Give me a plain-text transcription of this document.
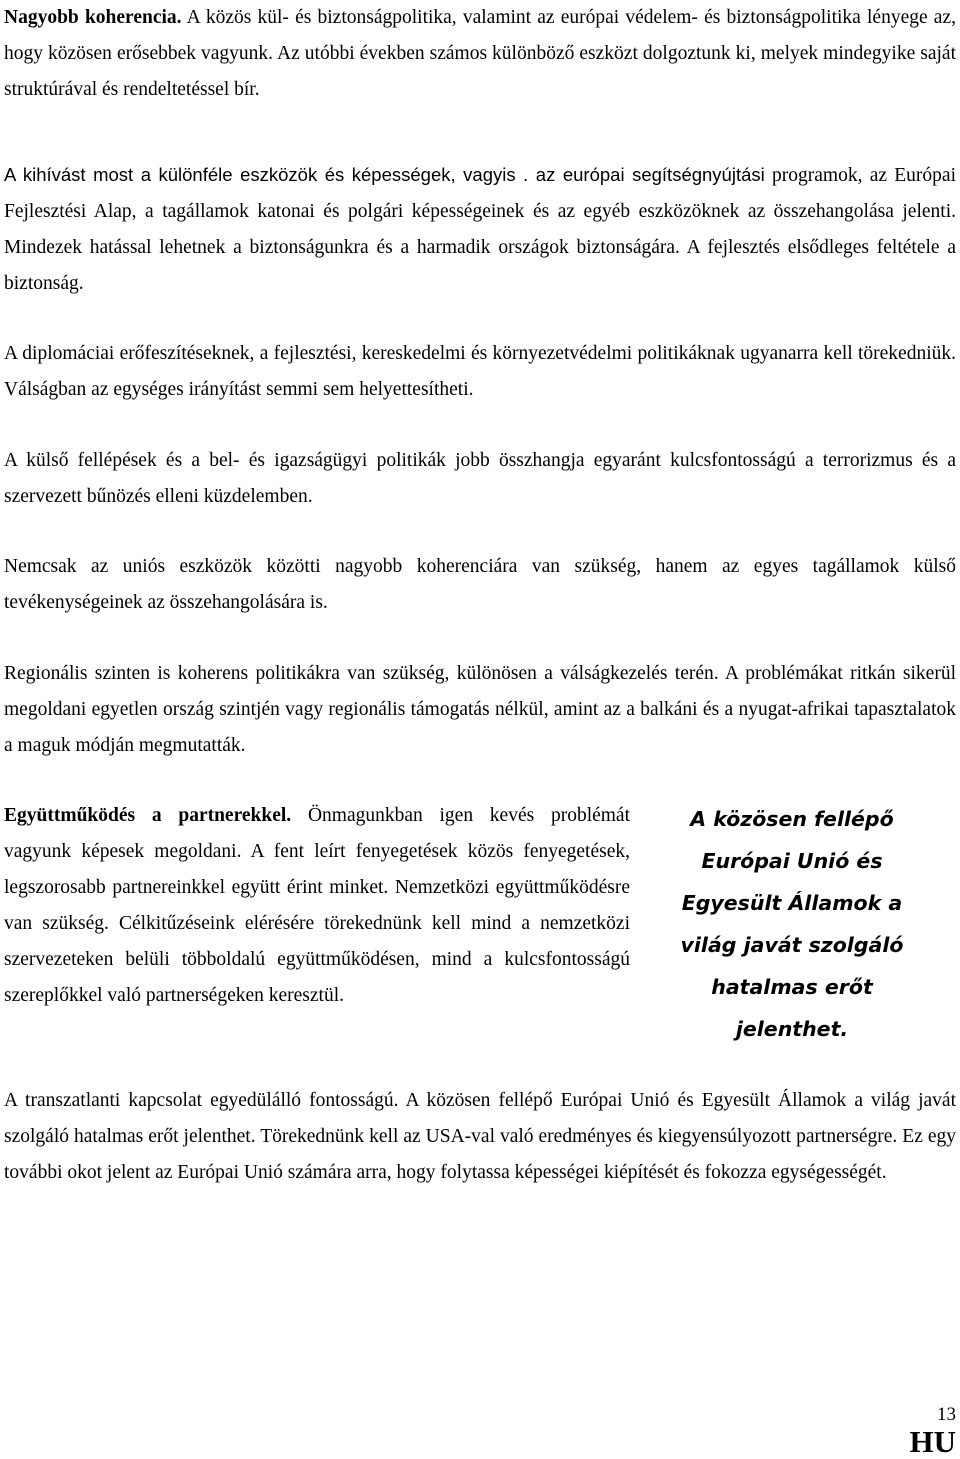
Nagyobb koherencia. A közös kül- és biztonságpolitika, valamint az európai védelem- és biztonságpolitika lényege az, hogy közösen erősebbek vagyunk. Az utóbbi években számos különböző eszközt dolgoztunk ki, melyek mindegyike saját struktúrával és rendeltetéssel bír.

A kihívást most a különféle eszközök és képességek, vagyis . az európai segítségnyújtási programok, az Európai Fejlesztési Alap, a tagállamok katonai és polgári képességeinek és az egyéb eszközöknek az összehangolása jelenti. Mindezek hatással lehetnek a biztonságunkra és a harmadik országok biztonságára. A fejlesztés elsődleges feltétele a biztonság.

A diplomáciai erőfeszítéseknek, a fejlesztési, kereskedelmi és környezetvédelmi politikáknak ugyanarra kell törekedniük. Válságban az egységes irányítást semmi sem helyettesítheti.

A külső fellépések és a bel- és igazságügyi politikák jobb összhangja egyaránt kulcsfontosságú a terrorizmus és a szervezett bűnözés elleni küzdelemben.

Nemcsak az uniós eszközök közötti nagyobb koherenciára van szükség, hanem az egyes tagállamok külső tevékenységeinek az összehangolására is.

Regionális szinten is koherens politikákra van szükség, különösen a válságkezelés terén. A problémákat ritkán sikerül megoldani egyetlen ország szintjén vagy regionális támogatás nélkül, amint az a balkáni és a nyugat-afrikai tapasztalatok a maguk módján megmutatták.

Együttműködés a partnerekkel. Önmagunkban igen kevés problémát vagyunk képesek megoldani. A fent leírt fenyegetések közös fenyegetések, legszorosabb partnereinkkel együtt érint minket. Nemzetközi együttműködésre van szükség. Célkitűzéseink elérésére törekednünk kell mind a nemzetközi szervezeteken belüli többoldalú együttműködésen, mind a kulcsfontosságú szereplőkkel való partnerségeken keresztül.

A közösen fellépő Európai Unió és Egyesült Államok a világ javát szolgáló hatalmas erőt jelenthet.

A transzatlanti kapcsolat egyedülálló fontosságú. A közösen fellépő Európai Unió és Egyesült Államok a világ javát szolgáló hatalmas erőt jelenthet. Törekednünk kell az USA-val való eredményes és kiegyensúlyozott partnerségre. Ez egy további okot jelent az Európai Unió számára arra, hogy folytassa képességei kiépítését és fokozza egységességét.

13
HU
